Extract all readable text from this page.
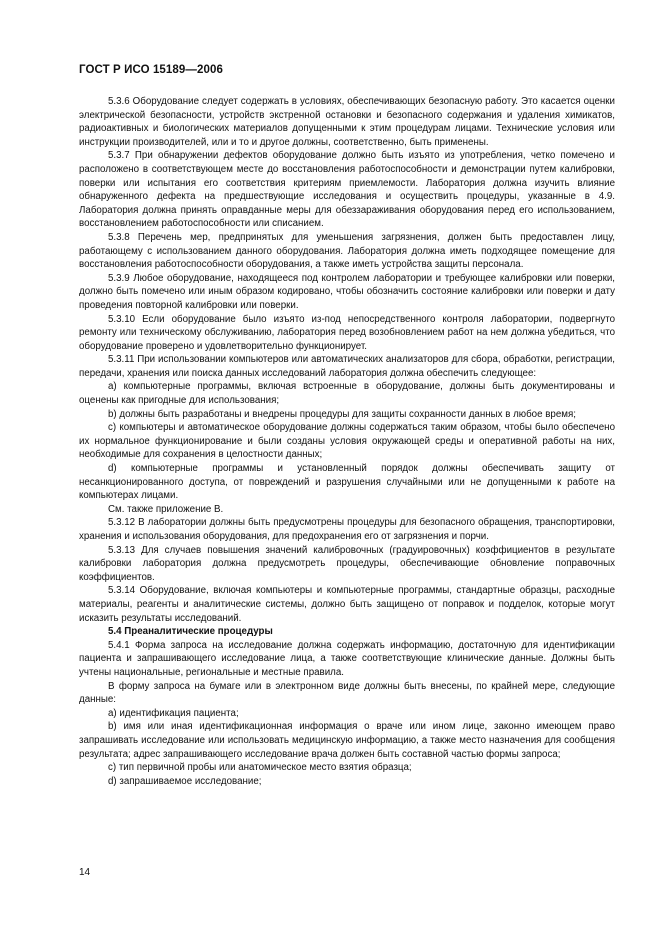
ГОСТ Р ИСО 15189—2006

5.3.6 Оборудование следует содержать в условиях, обеспечивающих безопасную работу. Это касается оценки электрической безопасности, устройств экстренной остановки и безопасного содержания и удаления химикатов, радиоактивных и биологических материалов допущенными к этим процедурам лицами. Технические условия или инструкции производителей, или и то и другое должны, соответственно, быть применены.

5.3.7 При обнаружении дефектов оборудование должно быть изъято из употребления, четко помечено и расположено в соответствующем месте до восстановления работоспособности и демонстрации путем калибровки, поверки или испытания его соответствия критериям приемлемости. Лаборатория должна изучить влияние обнаруженного дефекта на предшествующие исследования и осуществить процедуры, указанные в 4.9. Лаборатория должна принять оправданные меры для обеззараживания оборудования перед его использованием, восстановлением работоспособности или списанием.

5.3.8 Перечень мер, предпринятых для уменьшения загрязнения, должен быть предоставлен лицу, работающему с использованием данного оборудования. Лаборатория должна иметь подходящее помещение для восстановления работоспособности оборудования, а также иметь устройства защиты персонала.

5.3.9 Любое оборудование, находящееся под контролем лаборатории и требующее калибровки или поверки, должно быть помечено или иным образом кодировано, чтобы обозначить состояние калибровки или поверки и дату проведения повторной калибровки или поверки.

5.3.10 Если оборудование было изъято из-под непосредственного контроля лаборатории, подвергнуто ремонту или техническому обслуживанию, лаборатория перед возобновлением работ на нем должна убедиться, что оборудование проверено и удовлетворительно функционирует.

5.3.11 При использовании компьютеров или автоматических анализаторов для сбора, обработки, регистрации, передачи, хранения или поиска данных исследований лаборатория должна обеспечить следующее:

a) компьютерные программы, включая встроенные в оборудование, должны быть документированы и оценены как пригодные для использования;

b) должны быть разработаны и внедрены процедуры для защиты сохранности данных в любое время;

c) компьютеры и автоматическое оборудование должны содержаться таким образом, чтобы было обеспечено их нормальное функционирование и были созданы условия окружающей среды и оперативной работы на них, необходимые для сохранения в целостности данных;

d) компьютерные программы и установленный порядок должны обеспечивать защиту от несанкционированного доступа, от повреждений и разрушения случайными или не допущенными к работе на компьютерах лицами.

См. также приложение В.

5.3.12 В лаборатории должны быть предусмотрены процедуры для безопасного обращения, транспортировки, хранения и использования оборудования, для предохранения его от загрязнения и порчи.

5.3.13 Для случаев повышения значений калибровочных (градуировочных) коэффициентов в результате калибровки лаборатория должна предусмотреть процедуры, обеспечивающие обновление поправочных коэффициентов.

5.3.14 Оборудование, включая компьютеры и компьютерные программы, стандартные образцы, расходные материалы, реагенты и аналитические системы, должно быть защищено от поправок и подделок, которые могут исказить результаты исследований.

5.4 Преаналитические процедуры

5.4.1 Форма запроса на исследование должна содержать информацию, достаточную для идентификации пациента и запрашивающего исследование лица, а также соответствующие клинические данные. Должны быть учтены национальные, региональные и местные правила.

В форму запроса на бумаге или в электронном виде должны быть внесены, по крайней мере, следующие данные:

a) идентификация пациента;

b) имя или иная идентификационная информация о враче или ином лице, законно имеющем право запрашивать исследование или использовать медицинскую информацию, а также место назначения для сообщения результата; адрес запрашивающего исследование врача должен быть составной частью формы запроса;

c) тип первичной пробы или анатомическое место взятия образца;

d) запрашиваемое исследование;

14
